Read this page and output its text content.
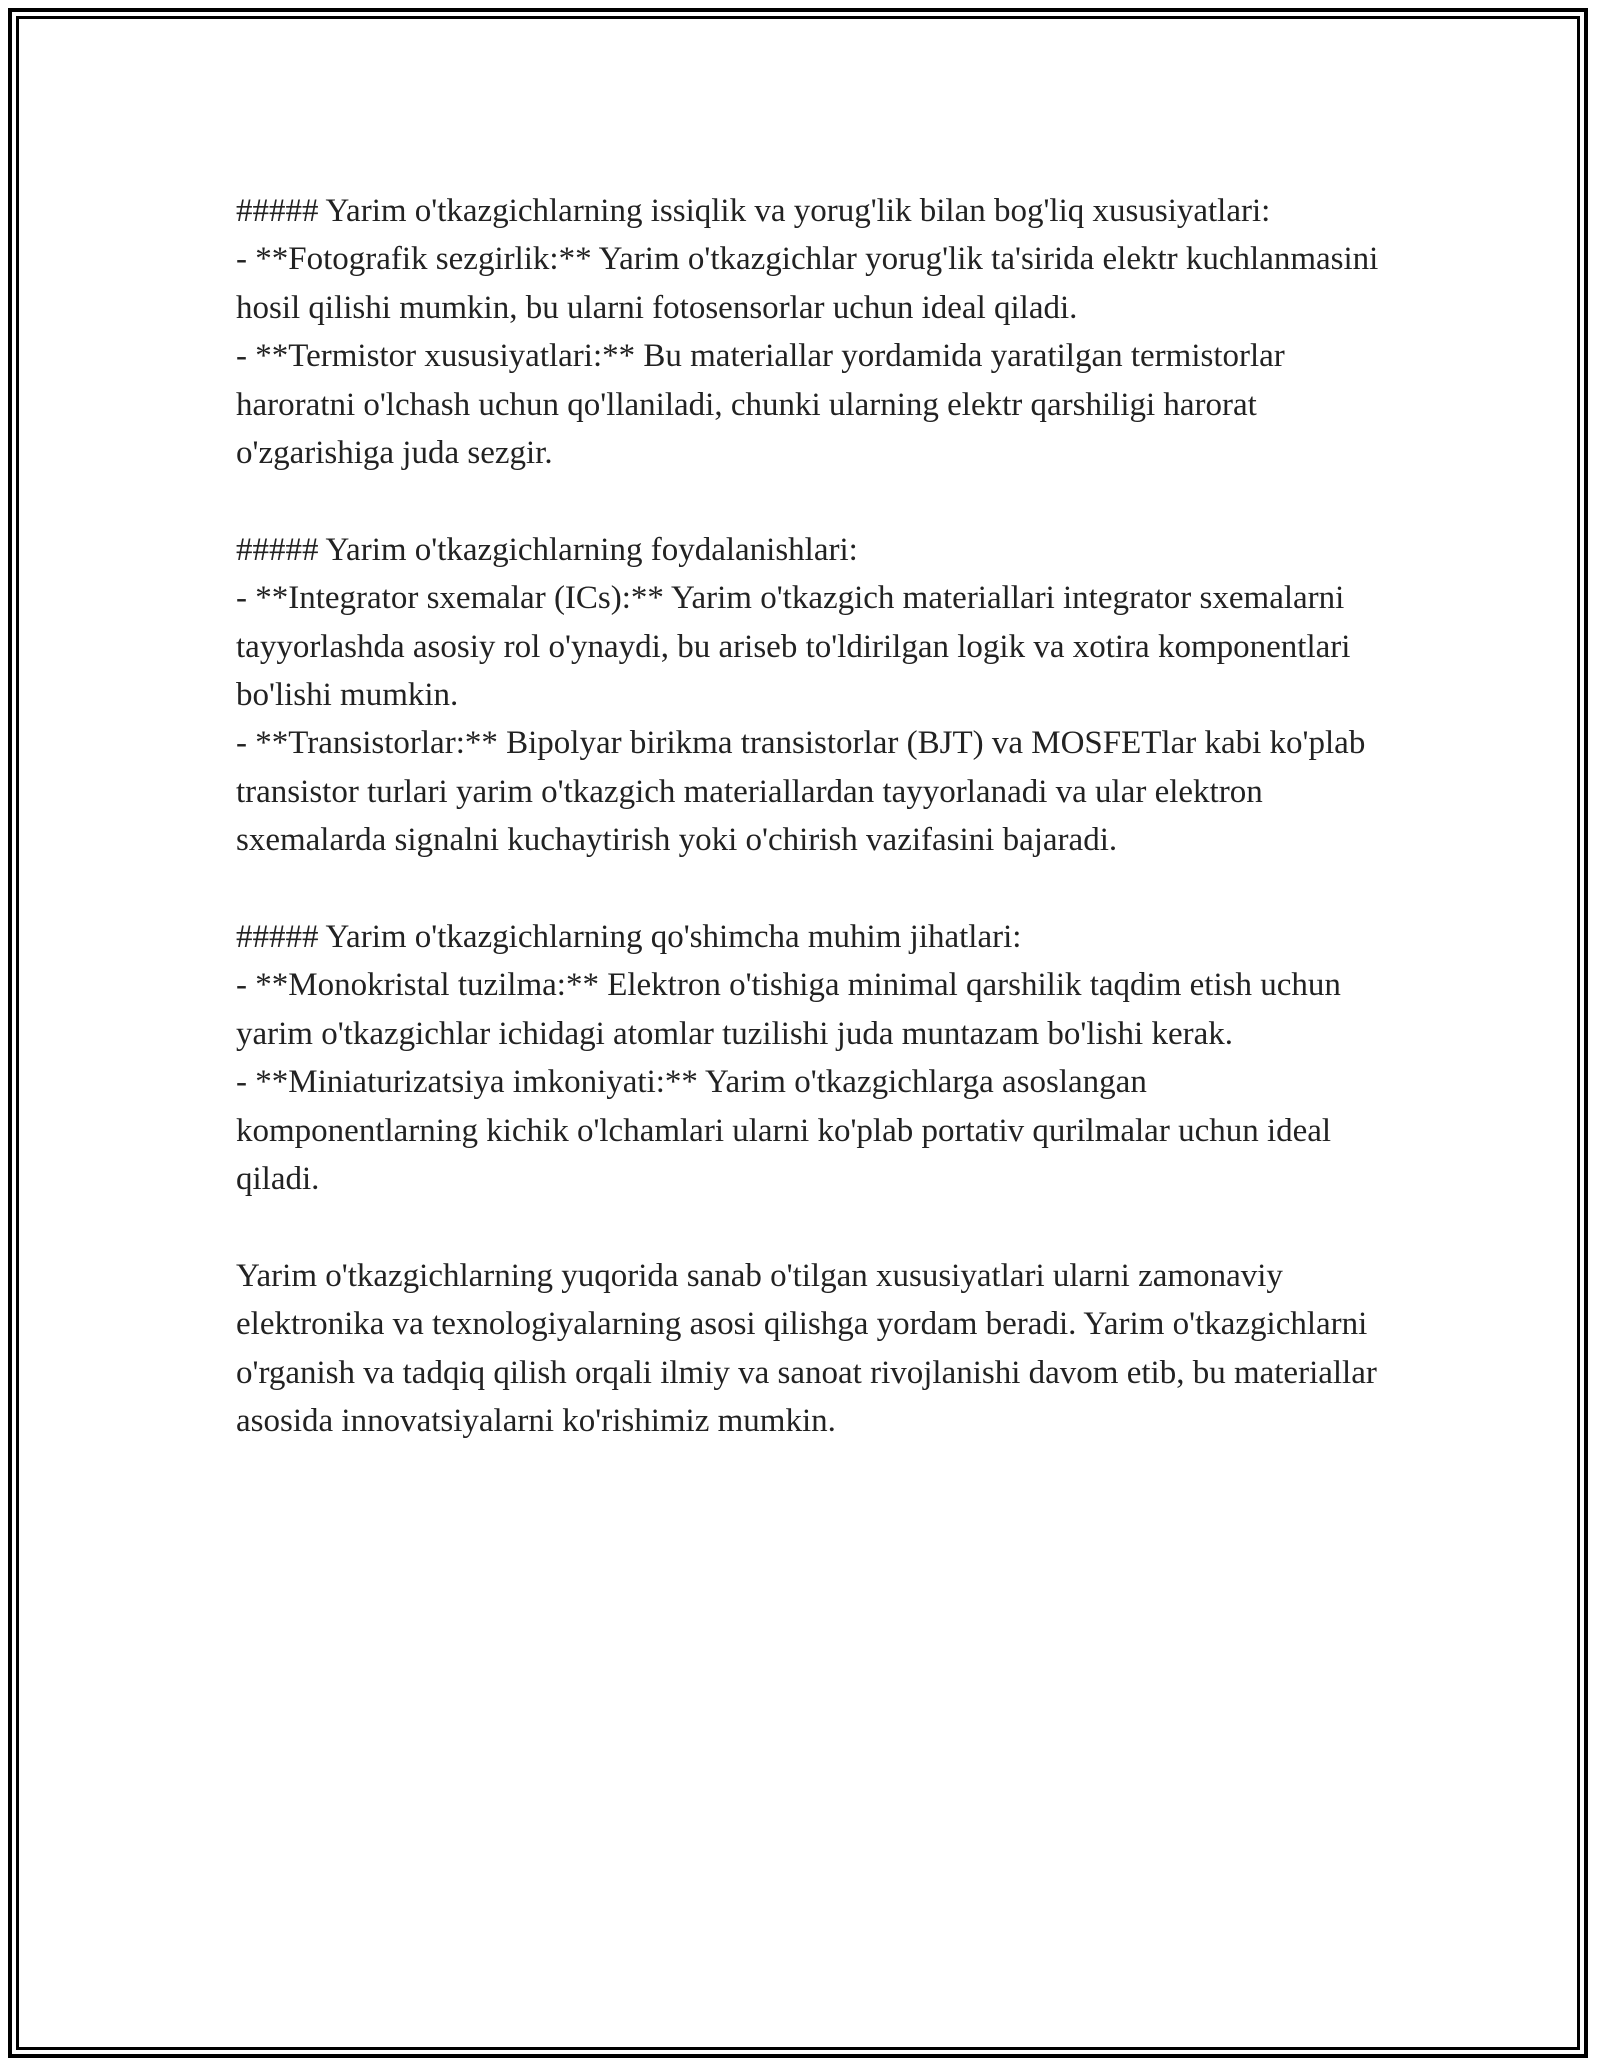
##### Yarim o'tkazgichlarning issiqlik va yorug'lik bilan bog'liq xususiyatlari:

- **Fotografik sezgirlik:** Yarim o'tkazgichlar yorug'lik ta'sirida elektr kuchlanmasini hosil qilishi mumkin, bu ularni fotosensorlar uchun ideal qiladi.

- **Termistor xususiyatlari:** Bu materiallar yordamida yaratilgan termistorlar haroratni o'lchash uchun qo'llaniladi, chunki ularning elektr qarshiligi harorat o'zgarishiga juda sezgir.

##### Yarim o'tkazgichlarning foydalanishlari:

- **Integrator sxemalar (ICs):** Yarim o'tkazgich materiallari integrator sxemalarni tayyorlashda asosiy rol o'ynaydi, bu ariseb to'ldirilgan logik va xotira komponentlari bo'lishi mumkin.

- **Transistorlar:** Bipolyar birikma transistorlar (BJT) va MOSFETlar kabi ko'plab transistor turlari yarim o'tkazgich materiallardan tayyorlanadi va ular elektron sxemalarda signalni kuchaytirish yoki o'chirish vazifasini bajaradi.

##### Yarim o'tkazgichlarning qo'shimcha muhim jihatlari:

- **Monokristal tuzilma:** Elektron o'tishiga minimal qarshilik taqdim etish uchun yarim o'tkazgichlar ichidagi atomlar tuzilishi juda muntazam bo'lishi kerak.

- **Miniaturizatsiya imkoniyati:** Yarim o'tkazgichlarga asoslangan komponentlarning kichik o'lchamlari ularni ko'plab portativ qurilmalar uchun ideal qiladi.

Yarim o'tkazgichlarning yuqorida sanab o'tilgan xususiyatlari ularni zamonaviy elektronika va texnologiyalarning asosi qilishga yordam beradi. Yarim o'tkazgichlarni o'rganish va tadqiq qilish orqali ilmiy va sanoat rivojlanishi davom etib, bu materiallar asosida innovatsiyalarni ko'rishimiz mumkin.
